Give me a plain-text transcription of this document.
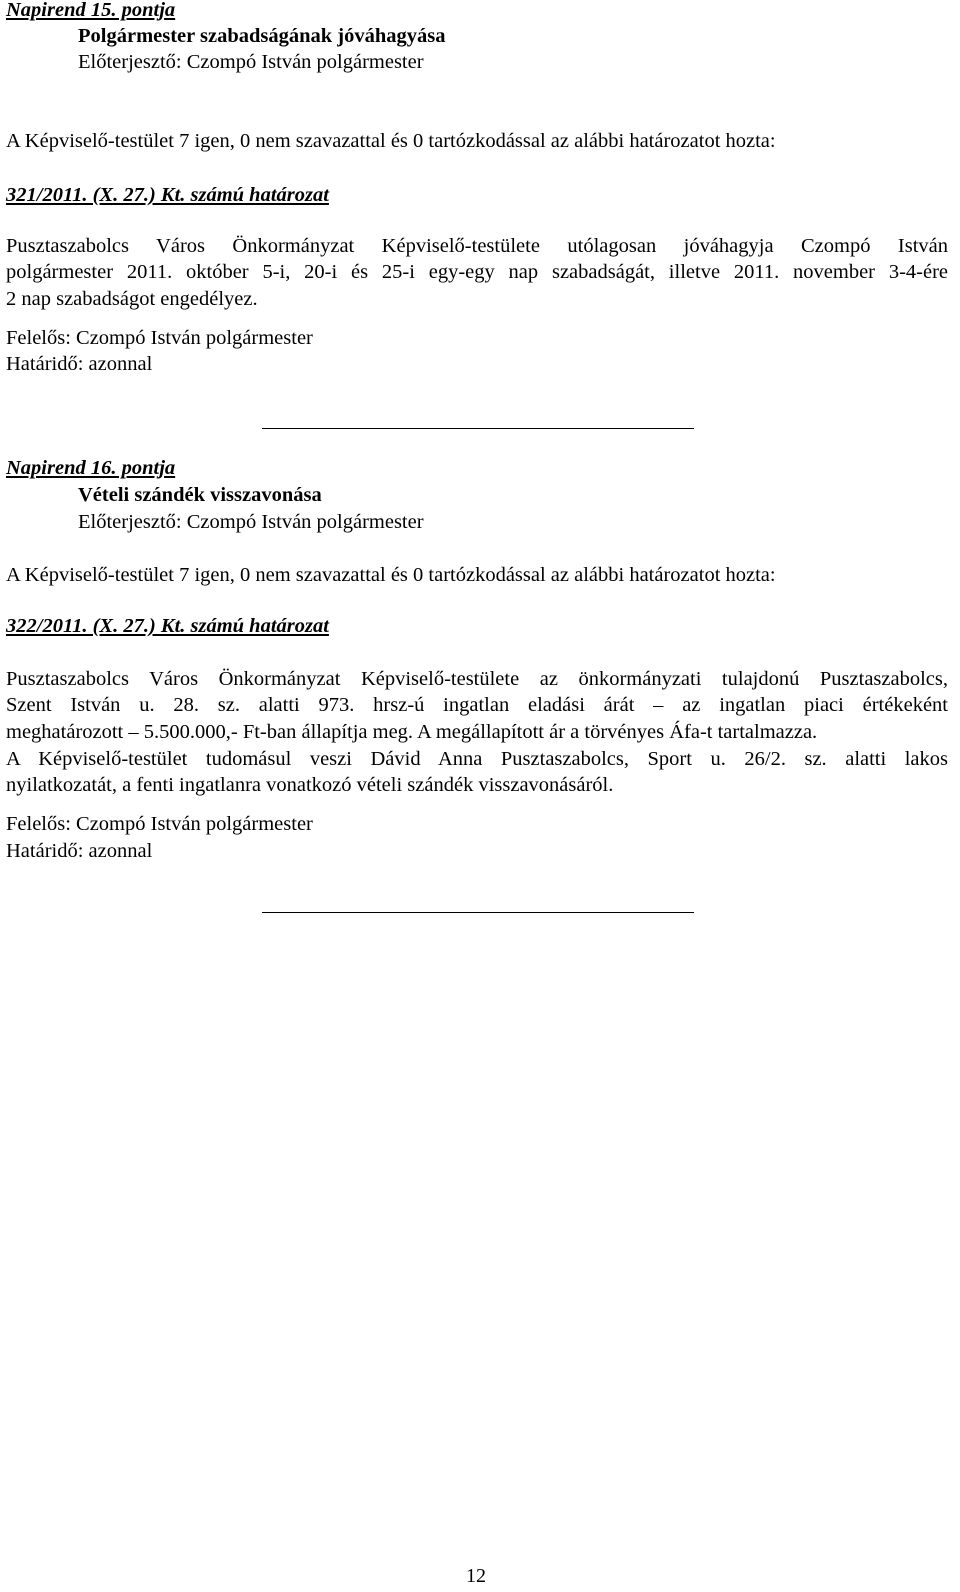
Napirend 15. pontja
Polgármester szabadságának jóváhagyása
Előterjesztő: Czompó István polgármester
A Képviselő-testület 7 igen, 0 nem szavazattal és 0 tartózkodással az alábbi határozatot hozta:
321/2011. (X. 27.) Kt. számú határozat
Pusztaszabolcs Város Önkormányzat Képviselő-testülete utólagosan jóváhagyja Czompó István
polgármester 2011. október 5-i, 20-i és 25-i egy-egy nap szabadságát, illetve 2011. november 3-4-ére
2 nap szabadságot engedélyez.
Felelős: Czompó István polgármester
Határidő: azonnal
Napirend 16. pontja
Vételi szándék visszavonása
Előterjesztő: Czompó István polgármester
A Képviselő-testület 7 igen, 0 nem szavazattal és 0 tartózkodással az alábbi határozatot hozta:
322/2011. (X. 27.) Kt. számú határozat
Pusztaszabolcs Város Önkormányzat Képviselő-testülete az önkormányzati tulajdonú Pusztaszabolcs,
Szent István u. 28. sz. alatti 973. hrsz-ú ingatlan eladási árát – az ingatlan piaci értékeként
meghatározott – 5.500.000,- Ft-ban állapítja meg. A megállapított ár a törvényes Áfa-t tartalmazza.
A Képviselő-testület tudomásul veszi Dávid Anna Pusztaszabolcs, Sport u. 26/2. sz. alatti lakos
nyilatkozatát, a fenti ingatlanra vonatkozó vételi szándék visszavonásáról.
Felelős: Czompó István polgármester
Határidő: azonnal
12
